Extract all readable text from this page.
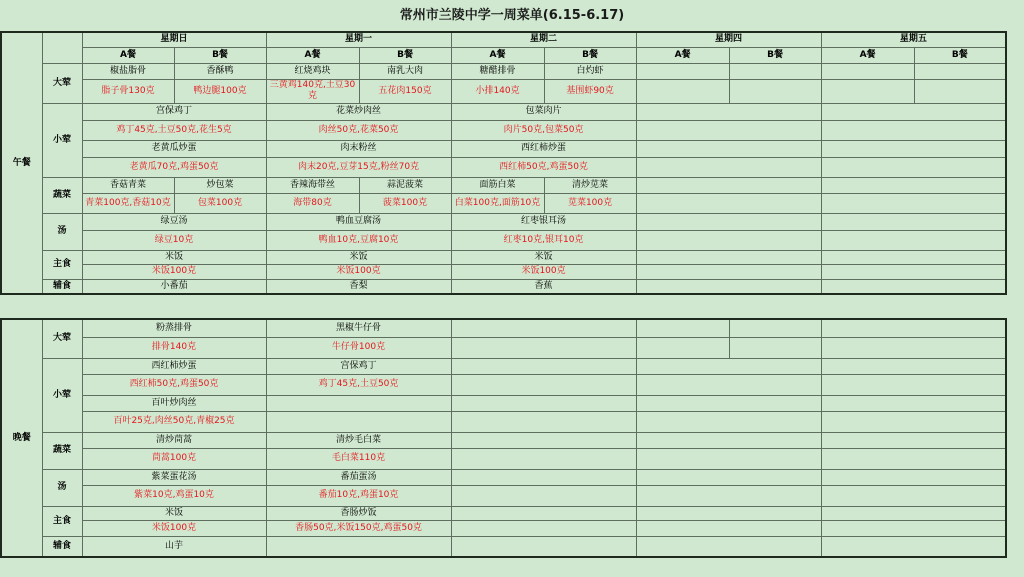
常州市兰陵中学一周菜单(6.15-6.17)
午餐		星期日		星期一		星期二		星期四		星期五	
		A餐	B餐	A餐	B餐	A餐	B餐	A餐	B餐	A餐	B餐
	大荤	椒盐脂骨	香酥鸭	红烧鸡块	南乳大肉	糖醋排骨	白灼虾				
		脂子骨130克	鸭边腿100克	三黄鸡140克,土豆30克	五花肉150克	小排140克	基围虾90克				
	小荤	宫保鸡丁		花菜炒肉丝		包菜肉片					
		鸡丁45克,土豆50克,花生5克		肉丝50克,花菜50克		肉片50克,包菜50克					
		老黄瓜炒蛋		肉末粉丝		西红柿炒蛋					
		老黄瓜70克,鸡蛋50克		肉末20克,豆芽15克,粉丝70克		西红柿50克,鸡蛋50克					
	蔬菜	香菇青菜	炒包菜	香辣海带丝	蒜泥菠菜	面筋白菜	清炒苋菜				
		青菜100克,香菇10克	包菜100克	海带80克	菠菜100克	白菜100克,面筋10克	苋菜100克				
	汤	绿豆汤		鸭血豆腐汤		红枣银耳汤					
		绿豆10克		鸭血10克,豆腐10克		红枣10克,银耳10克					
	主食	米饭		米饭		米饭					
		米饭100克		米饭100克		米饭100克					
	辅食	小番茄		香梨		香蕉					
晚餐	大荤	粉蒸排骨	黑椒牛仔骨				
		排骨140克	牛仔骨100克				
	小荤	西红柿炒蛋	宫保鸡丁				
		西红柿50克,鸡蛋50克	鸡丁45克,土豆50克				
		百叶炒肉丝					
		百叶25克,肉丝50克,青椒25克					
	蔬菜	清炒茼蒿	清炒毛白菜				
		茼蒿100克	毛白菜110克				
	汤	紫菜蛋花汤	番茄蛋汤				
		紫菜10克,鸡蛋10克	番茄10克,鸡蛋10克				
	主食	米饭	香肠炒饭				
		米饭100克	香肠50克,米饭150克,鸡蛋50克				
	辅食	山芋					
